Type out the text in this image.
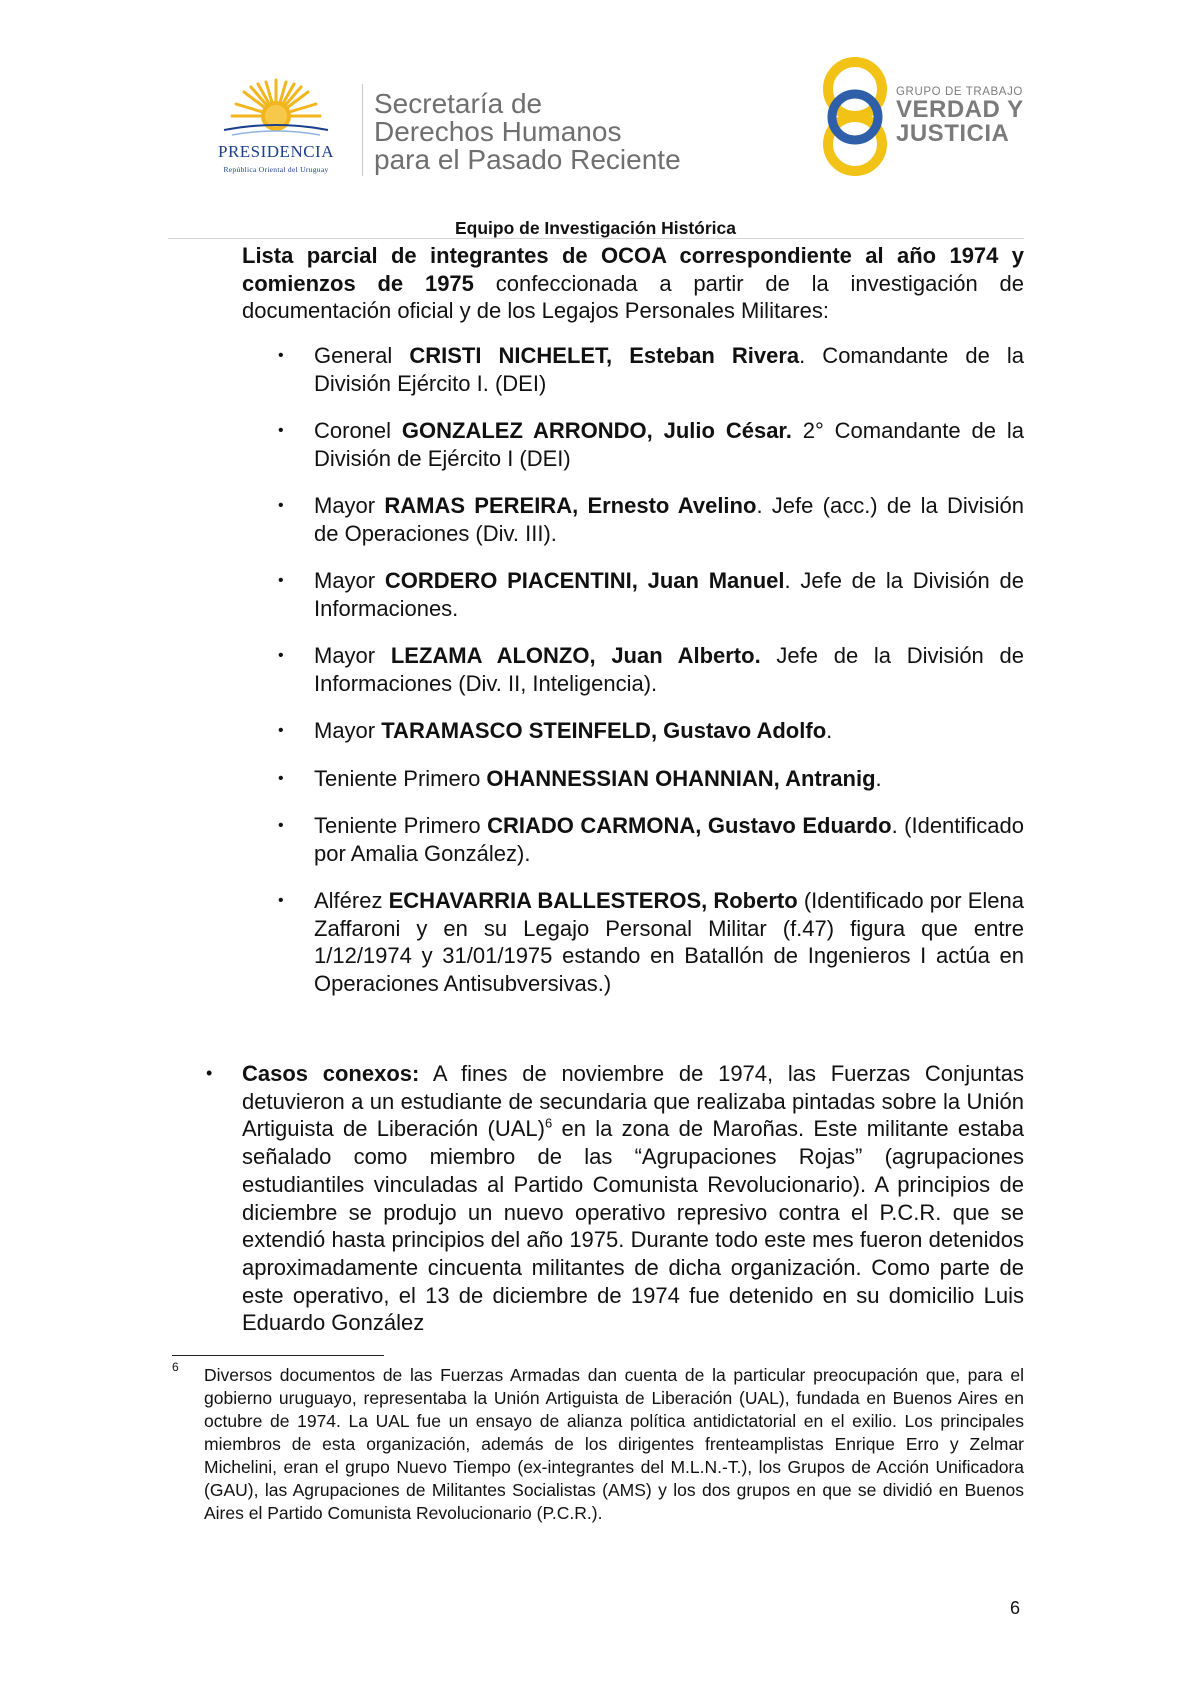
PRESIDENCIA
República Oriental del Uruguay
Secretaría de
Derechos Humanos
para el Pasado Reciente
GRUPO DE TRABAJO
VERDAD Y
JUSTICIA
Equipo de Investigación Histórica
Lista parcial de integrantes de OCOA correspondiente al año 1974 y comienzos de 1975 confeccionada a partir de la investigación de documentación oficial y de los Legajos Personales Militares:
• General CRISTI NICHELET, Esteban Rivera. Comandante de la División Ejército I. (DEI)
• Coronel GONZALEZ ARRONDO, Julio César. 2° Comandante de la División de Ejército I (DEI)
• Mayor RAMAS PEREIRA, Ernesto Avelino. Jefe (acc.) de la División de Operaciones (Div. III).
• Mayor CORDERO PIACENTINI, Juan Manuel. Jefe de la División de Informaciones.
• Mayor LEZAMA ALONZO, Juan Alberto. Jefe de la División de Informaciones (Div. II, Inteligencia).
• Mayor TARAMASCO STEINFELD, Gustavo Adolfo.
• Teniente Primero OHANNESSIAN OHANNIAN, Antranig.
• Teniente Primero CRIADO CARMONA, Gustavo Eduardo. (Identificado por Amalia González).
• Alférez ECHAVARRIA BALLESTEROS, Roberto (Identificado por Elena Zaffaroni y en su Legajo Personal Militar (f.47) figura que entre 1/12/1974 y 31/01/1975 estando en Batallón de Ingenieros I actúa en Operaciones Antisubversivas.)
• Casos conexos: A fines de noviembre de 1974, las Fuerzas Conjuntas detuvieron a un estudiante de secundaria que realizaba pintadas sobre la Unión Artiguista de Liberación (UAL)$^6$ en la zona de Maroñas. Este militante estaba señalado como miembro de las “Agrupaciones Rojas” (agrupaciones estudiantiles vinculadas al Partido Comunista Revolucionario). A principios de diciembre se produjo un nuevo operativo represivo contra el P.C.R. que se extendió hasta principios del año 1975. Durante todo este mes fueron detenidos aproximadamente cincuenta militantes de dicha organización. Como parte de este operativo, el 13 de diciembre de 1974 fue detenido en su domicilio Luis Eduardo González
6 Diversos documentos de las Fuerzas Armadas dan cuenta de la particular preocupación que, para el gobierno uruguayo, representaba la Unión Artiguista de Liberación (UAL), fundada en Buenos Aires en octubre de 1974. La UAL fue un ensayo de alianza política antidictatorial en el exilio. Los principales miembros de esta organización, además de los dirigentes frenteamplistas Enrique Erro y Zelmar Michelini, eran el grupo Nuevo Tiempo (ex-integrantes del M.L.N.-T.), los Grupos de Acción Unificadora (GAU), las Agrupaciones de Militantes Socialistas (AMS) y los dos grupos en que se dividió en Buenos Aires el Partido Comunista Revolucionario (P.C.R.).
6
